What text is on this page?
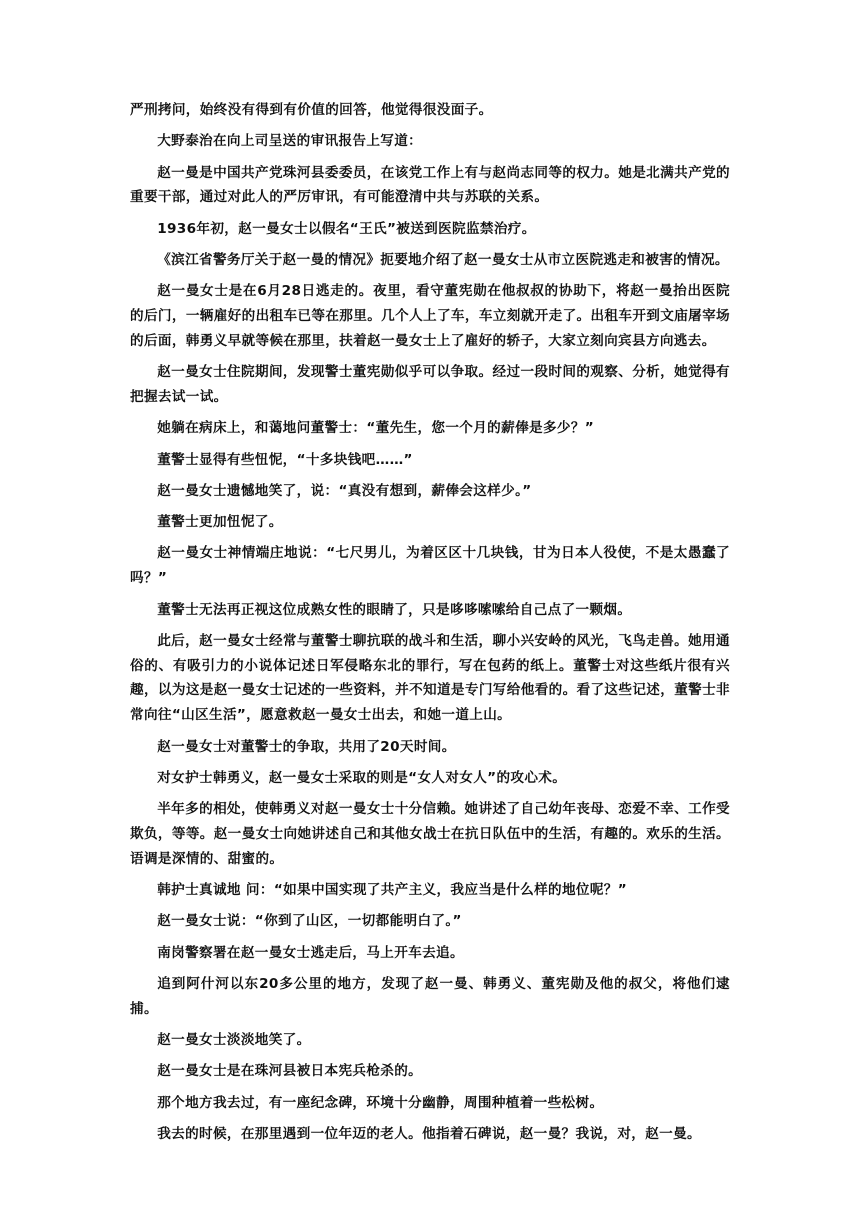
严刑拷问，始终没有得到有价值的回答，他觉得很没面子。

大野泰治在向上司呈送的审讯报告上写道：

赵一曼是中国共产党珠河县委委员，在该党工作上有与赵尚志同等的权力。她是北满共产党的重要干部，通过对此人的严厉审讯，有可能澄清中共与苏联的关系。

1936年初，赵一曼女士以假名“王氏”被送到医院监禁治疗。

《滨江省警务厅关于赵一曼的情况》扼要地介绍了赵一曼女士从市立医院逃走和被害的情况。

赵一曼女士是在6月28日逃走的。夜里，看守董宪勋在他叔叔的协助下，将赵一曼抬出医院的后门，一辆雇好的出租车已等在那里。几个人上了车，车立刻就开走了。出租车开到文庙屠宰场的后面，韩勇义早就等候在那里，扶着赵一曼女士上了雇好的轿子，大家立刻向宾县方向逃去。

赵一曼女士住院期间，发现警士董宪勋似乎可以争取。经过一段时间的观察、分析，她觉得有把握去试一试。

她躺在病床上，和蔼地问董警士：“董先生，您一个月的薪俸是多少？”

董警士显得有些忸怩，“十多块钱吧……”

赵一曼女士遗憾地笑了，说：“真没有想到，薪俸会这样少。”

董警士更加忸怩了。

赵一曼女士神情端庄地说：“七尺男儿，为着区区十几块钱，甘为日本人役使，不是太愚蠢了吗？”

董警士无法再正视这位成熟女性的眼睛了，只是哆哆嗦嗦给自己点了一颗烟。

此后，赵一曼女士经常与董警士聊抗联的战斗和生活，聊小兴安岭的风光，飞鸟走兽。她用通俗的、有吸引力的小说体记述日军侵略东北的罪行，写在包药的纸上。董警士对这些纸片很有兴趣，以为这是赵一曼女士记述的一些资料，并不知道是专门写给他看的。看了这些记述，董警士非常向往“山区生活”，愿意救赵一曼女士出去，和她一道上山。

赵一曼女士对董警士的争取，共用了20天时间。

对女护士韩勇义，赵一曼女士采取的则是“女人对女人”的攻心术。

半年多的相处，使韩勇义对赵一曼女士十分信赖。她讲述了自己幼年丧母、恋爱不幸、工作受欺负，等等。赵一曼女士向她讲述自己和其他女战士在抗日队伍中的生活，有趣的。欢乐的生活。语调是深情的、甜蜜的。

韩护士真诚地 问：“如果中国实现了共产主义，我应当是什么样的地位呢？”

赵一曼女士说：“你到了山区，一切都能明白了。”

南岗警察署在赵一曼女士逃走后，马上开车去追。

追到阿什河以东20多公里的地方，发现了赵一曼、韩勇义、董宪勋及他的叔父，将他们逮捕。

赵一曼女士淡淡地笑了。

赵一曼女士是在珠河县被日本宪兵枪杀的。

那个地方我去过，有一座纪念碑，环境十分幽静，周围种植着一些松树。

我去的时候，在那里遇到一位年迈的老人。他指着石碑说，赵一曼？我说，对，赵一曼。
